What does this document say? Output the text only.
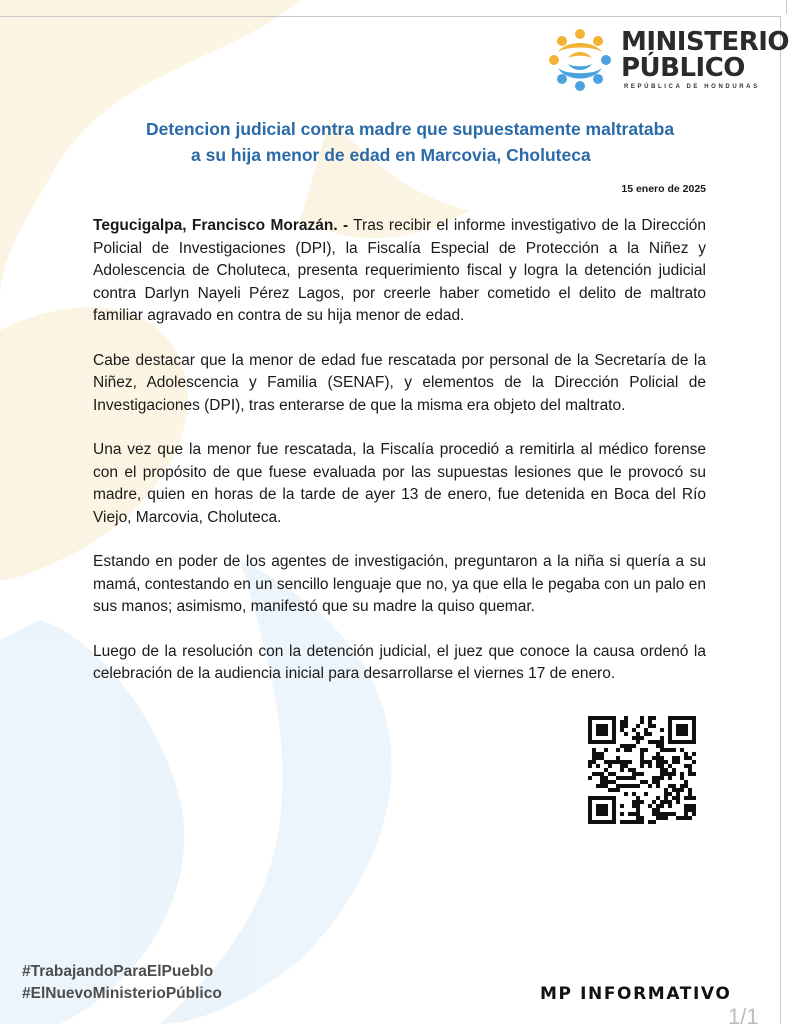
MINISTERIO
PÚBLICO
REPÚBLICA DE HONDURAS
Detencion judicial contra madre que supuestamente maltrataba
a su hija menor de edad en Marcovia, Choluteca
15 enero de 2025

Tegucigalpa, Francisco Morazán. - Tras recibir el informe investigativo de la Dirección Policial de Investigaciones (DPI), la Fiscalía Especial de Protección a la Niñez y Adolescencia de Choluteca, presenta requerimiento fiscal y logra la detención judicial contra Darlyn Nayeli Pérez Lagos, por creerle haber cometido el delito de maltrato familiar agravado en contra de su hija menor de edad.

Cabe destacar que la menor de edad fue rescatada por personal de la Secretaría de la Niñez, Adolescencia y Familia (SENAF), y elementos de la Dirección Policial de Investigaciones (DPI), tras enterarse de que la misma era objeto del maltrato.

Una vez que la menor fue rescatada, la Fiscalía procedió a remitirla al médico forense con el propósito de que fuese evaluada por las supuestas lesiones que le provocó su madre, quien en horas de la tarde de ayer 13 de enero, fue detenida en Boca del Río Viejo, Marcovia, Choluteca.

Estando en poder de los agentes de investigación, preguntaron a la niña si quería a su mamá, contestando en un sencillo lenguaje que no, ya que ella le pegaba con un palo en sus manos; asimismo, manifestó que su madre la quiso quemar.

Luego de la resolución con la detención judicial, el juez que conoce la causa ordenó la celebración de la audiencia inicial para desarrollarse el viernes 17 de enero.

#TrabajandoParaElPueblo
#ElNuevoMinisterioPúblico	MP INFORMATIVO
1/1
